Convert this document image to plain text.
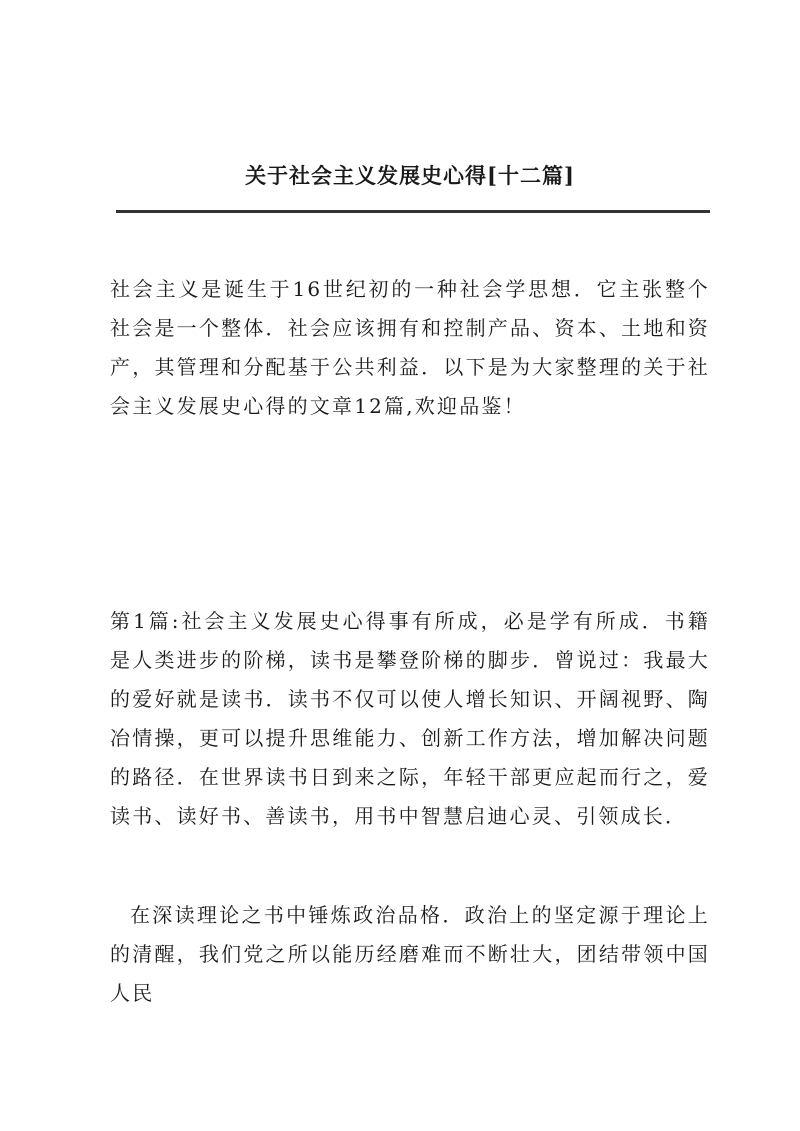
关于社会主义发展史心得[十二篇]

社会主义是诞生于16世纪初的一种社会学思想．它主张整个社会是一个整体．社会应该拥有和控制产品、资本、土地和资产，其管理和分配基于公共利益．以下是为大家整理的关于社会主义发展史心得的文章12篇,欢迎品鉴！

第1篇:社会主义发展史心得事有所成，必是学有所成．书籍是人类进步的阶梯，读书是攀登阶梯的脚步．曾说过：我最大的爱好就是读书．读书不仅可以使人增长知识、开阔视野、陶冶情操，更可以提升思维能力、创新工作方法，增加解决问题的路径．在世界读书日到来之际，年轻干部更应起而行之，爱读书、读好书、善读书，用书中智慧启迪心灵、引领成长．

在深读理论之书中锤炼政治品格．政治上的坚定源于理论上的清醒，我们党之所以能历经磨难而不断壮大，团结带领中国人民
